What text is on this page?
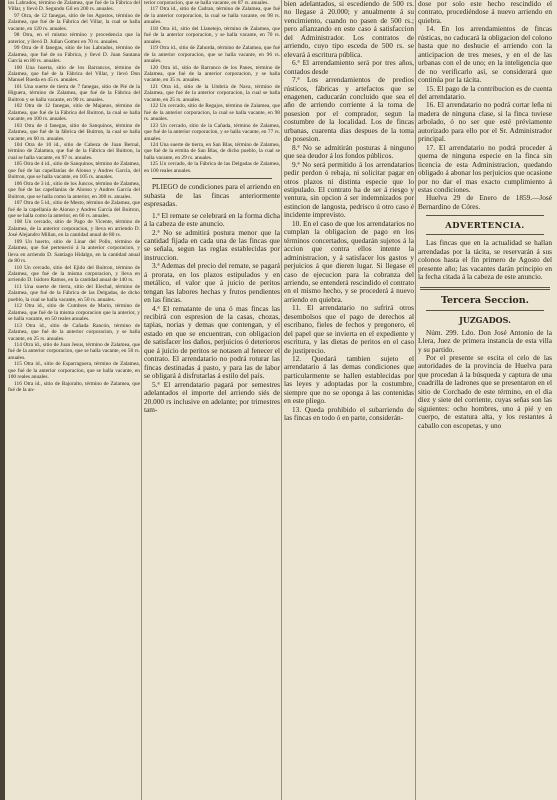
los Labrados, término de Zalamea, que fué de la Fábrica del Villar, y llevó D. Segundo Gil en 200 rs. anuales.

97 Otra, de 12 fanegas, sitio de los Agostos, término de Zalamea, que fué de la Fábrica del Villar, la cual se halla vacante, en 120 rs. anuales.

98 Otra, en el mismo término y procedencia que la anterior, y llevó D. Julian Gomez en 70 rs. anuales.

99 Otra de 8 fanegas, sitio de los Labrados, término de Zalamea, que fué de su Fábrica, y llevó D. Juan Santana García en 80 rs. anuales.

100 Una huerta, sitio de los Barrancos, término de Zalamea, que fué de la Fábrica del Villar, y llevó Don Manuel Rueda en 45 rs. anuales.

101 Una suerte de tierra de 7 fanegas, sitio de Pié de la Higuera, término de Zalamea, que fué de la Fábrica del Buitron y se halla vacante, en 90 rs. anuales.

102 Otra de 12 fanegas, sitio de Majanos, término de Zalamea, que fué de la Fábrica del Buitron, la cual se halla vacante, en 100 rs. anuales.

103 Otra de 4 fanegas, sitio de Sanquinos, término de Zalamea, que fué de la fábrica del Buitron, la cual se halla vacante, en 60 rs. anuales.

104 Otra de 10 id., sitio de Cabeza de Juan Bernal, término de Zalamea, que fué de la Fábrica del Buitron, la cual se halla vacante, en 97 rs. anuales.

105 Otra de 4 id., sitio de Sanquinos, término de Zalamea, que fué de las capellanías de Alonso y Andres García, del Buitron, que se halla vacante, en 105 rs. anuales.

106 Otra de 3 id., sitio de los Juncos, término de Zalamea, que fué de las capellanías de Alonso y Andres García del Buitron, que se halla como la anterior, en 300 rs. anuales.

107 Otra de 5 id., sitio de Mesto, término de Zalamea, que fué de la capellanía de Alonso y Andres García del Buitron, que se halla como la anterior, en 60 rs. anuales.

108 Un cercado, sitio de Pago de Vicente, término de Zalamea, de la anterior corporacion, y lleva en arriendo D. José Alejandro Millan, en la cantidad anual de 80 rs.

109 Un huerto, sitio de Linar del Pollo, término de Zalamea, que fué perteneció á la anterior corporacion, y lleva en arriendo D. Santiago Hidalgo, en la cantidad anual de 80 rs.

110 Un cercado, sitio del Ejido del Buitron, término de Zalamea, que fué de la misma corporacion, y lleva en arriendo D. Isidoro Ramos, en la cantidad anual de 140 rs.

111 Una suerte de tierra, sitio del Elechal, término de Zalamea, que fué de la Fábrica de las Delgadas, de dicho pueblo, la cual se halla vacante, en 50 rs. anuales.

112 Otra id., sitio de Cumbres de Marin, término de Zalamea, que fué de la misma corporacion que la anterior, y se halla vacante, en 50 reales anuales.

113 Otra id., sitio de Cañada Rancón, término de Zalamea, que fué de la anterior corporacion, y se halla vacante, en 25 rs. anuales.

114 Otra id., sitio de Juan Jesus, término de Zalamea, que fué de la anterior corporacion, que se halla vacante, en 50 rs. anuales.

115 Otra id., sitio de Esparraguera, término de Zalamea, que fué de la anterior corporacion, que se halla vacante, en 100 reales anuales.

116 Otra id., sitio de Bajoralto, término de Zalamea, que fué de la an-

terior corporacion, que se halla vacante, en 87 rs. anuales.

117 Otra id., sitio de Cadran, término de Zalamea, que fué de la anterior corporacion, la cual se halla vacante, en 98 rs. anuales.

118 Otra id., sitio del Llanetejo, término de Zalamea, que fué de la anterior corporacion, y se halla vacante, en 70 rs. anuales.

119 Otra id., sitio de Zahurda, término de Zalamea, que fué de la anterior corporacion, que se halla vacante, en 96 rs. anuales.

120 Otra id., sitio de Barranco de los Panes, término de Zalamea, que fué de la anterior corporacion, y se halla vacante, en 35 rs. anuales.

121 Otra id., sitio de la Umbría de Nava, término de Zalamea, que fué de la anterior corporacion, la cual se halla vacante, en 25 rs. anuales.

122 Un cercado, sitio de Regajos, término de Zalamea, que fué de la anterior corporacion, la cual se halla vacante, en 98 rs. anuales.

123 Un cercado, sitio de la Cañada, término de Zalamea, que fué de la anterior corporacion, y se halla vacante, en 77 rs. anuales.

124 Una suerte de tierra, en San Blas, término de Zalamea, que fué de la ermita de San Blas, de dicho pueblo, la cual se halla vacante, en 29 rs. anuales.

125 Un cercado, de la Fábrica de las Delgadas de Zalamea, en 100 reales anuales.

PLIEGO de condiciones para el arriendo en subasta de las fincas anteriormente espresadas.

1.ª El remate se celebrará en la forma dicha á la cabeza de este anuncio.

2.ª No se admitirá postura menor que la cantidad fijada en cada una de las fincas que se señala, segun las reglas establecidas por instruccion.

3.ª Ademas del precio del remate, se pagará á prorata, en los plazos estipulados y en metálico, el valor que á juicio de peritos tengan las labores hechas y frutos pendientes en las fincas.

4.ª El rematante de una ó mas fincas las recibirá con espresion de la casas, chozas, tapias, norias y demas que contengan, y el estado en que se encuentran, con obligacion de satisfacer los daños, perjuicios ó deterioros que á juicio de peritos se notasen al fenecer el contrato. El arrendatario no podrá roturar las fincas destinadas á pasto, y para las de labor se obligará á disfrutarlas á estilo del país.

5.ª El arrendatario pagará por semestres adelantados el importe del arriendo siés de 20.000 rs inclusive en adelante; por trimestres tam-

bien adelantados, si escediendo de 500 rs. no llegase á 20.000; y anualmente á su vencimiento, cuando no pasen de 500 rs.; pero afianzando en este caso á satisfaccion del Administrador. Los contratos de arriendo, cuyo tipo esceda de 500 rs. se elevará á escritura pública.

6.ª El arrendamiento será por tres años, contados desde

7.ª Los arrendamientos de predios rústicos, fábricas y artefactos que se enagenen, caducarán concluido que sea el año de arriendo corriente á la toma de posesion por el comprador, segun la costumbre de la localidad. Los de fincas urbanas, cuarenta dias despues de la toma de posesion.

8.ª No se admitirán posturas á ninguno que sea deudor á los fondos públicos.

9.ª No será permitido á los arrendatarios pedir perdon ó rebaja, ni solicitar pagar en otros plazos ni distinta especie que lo estipulado. El contrato ha de ser á riesgo y ventura, sin opcion á ser indemnizados por estincion de langosta, pedrisco ú otro caso é incidente imprevisto.

10. En el caso de que los arrendatarios no cumplan la obligacion de pago en los términos concertados, quedarán sujetos á la accion que contra ellos intente la administracion, y á satisfacer los gastos y perjuicios á que dieren lugar. Si llegase el caso de ejecucion para la cobranza del arriendo, se entenderá rescindido el contrato en el mismo hecho, y se procederá á nuevo arriendo en quiebra.

11. El arrendatario no sufrirá otros desembolsos que el pago de derechos al escribano, fieles de fechos y pregonero, el del papel que se invierta en el expediente y escritura, y las dietas de peritos en el caso de justiprecio.

12. Quedará tambien sujeto el arrendatario á las demas condiciones que particularmente se hallen establecidas por las leyes y adoptadas por la costumbre, siempre que no se oponga á las contenidas en este pliego.

13. Queda prohibido el subarriendo de las fincas en todo ó en parte, considerán-

dose por solo este hecho rescindido el contrato, procediéndose á nuevo arriendo en quiebra.

14. En los arrendamientos de fincas rústicas, no caducará la obligacion del colono hasta que no deshucie el arriendo con la anticipacion de tres meses, y en el de las urbanas con el de uno; en la inteligencia que de no verificarlo así, se considerará que continúa por la tácita.

15. El pago de la contribucion es de cuenta del arrendatario.

16. El arrendatario no podrá cortar leña ni madera de ninguna clase, si la finca tuviese arbolado, ó no ser que esté préviamente autorizado para ello por el Sr. Administrador principal.

17. El arrendatario no podrá proceder á quema de ninguna especie en la finca sin licencia de esta Administracion, quedando obligado á abonar los perjuicios que ocasione por no dar el mas exacto cumplimiento á estas condiciones.

Huelva 29 de Enero de 1859.—José Bernardino de Córes.

ADVERTENCIA.

Las fincas que en la actualidad se hallan arrendadas por la tácita, se reservarán á sus colonos hasta el fin primero de Agosto del presente año; las vacantes darán principio en la fecha citada á la cabeza de este anuncio.

Tercera Seccion.
JUZGADOS.

Núm. 299. Ldo. Don José Antonio de la Llera, Juez de primera instancia de esta villa y su partido.

Por el presente se escita el celo de las autoridades de la provincia de Huelva para que procedan á la búsqueda y captura de una cuadrilla de ladrones que se presentaron en el sitio de Corchado de este término, en el dia diez y siete del corriente, cuyas señas son las siguientes: ocho hombres, uno á pié y en cuerpo, de estatura alta, y los restantes á caballo con escopetas, y uno
